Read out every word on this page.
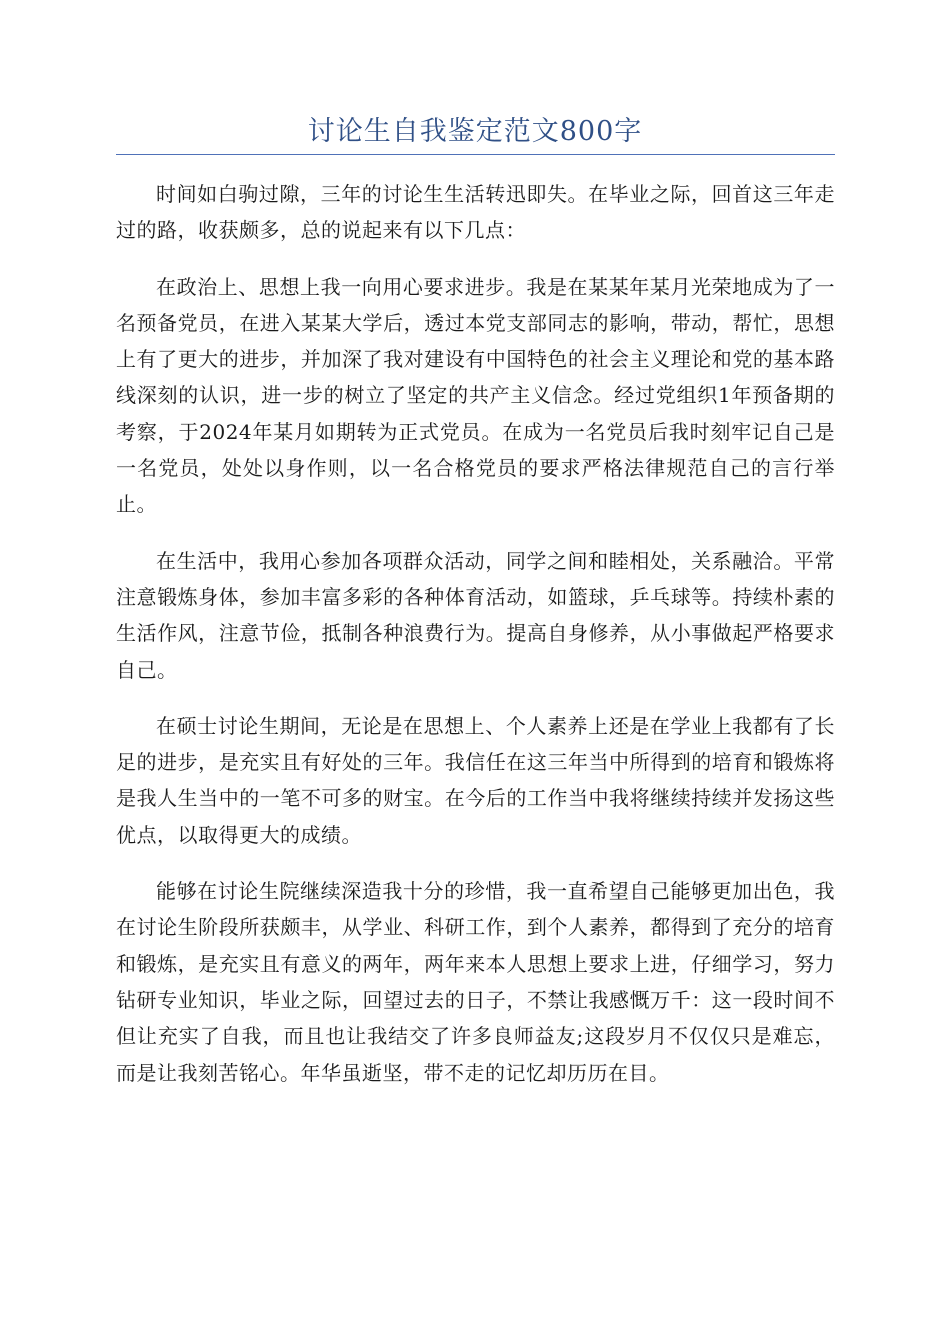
讨论生自我鉴定范文800字

时间如白驹过隙，三年的讨论生生活转迅即失。在毕业之际，回首这三年走过的路，收获颇多，总的说起来有以下几点：

在政治上、思想上我一向用心要求进步。我是在某某年某月光荣地成为了一名预备党员，在进入某某大学后，透过本党支部同志的影响，带动，帮忙，思想上有了更大的进步，并加深了我对建设有中国特色的社会主义理论和党的基本路线深刻的认识，进一步的树立了坚定的共产主义信念。经过党组织1年预备期的考察，于2024年某月如期转为正式党员。在成为一名党员后我时刻牢记自己是一名党员，处处以身作则，以一名合格党员的要求严格法律规范自己的言行举止。

在生活中，我用心参加各项群众活动，同学之间和睦相处，关系融洽。平常注意锻炼身体，参加丰富多彩的各种体育活动，如篮球，乒乓球等。持续朴素的生活作风，注意节俭，抵制各种浪费行为。提高自身修养，从小事做起严格要求自己。

在硕士讨论生期间，无论是在思想上、个人素养上还是在学业上我都有了长足的进步，是充实且有好处的三年。我信任在这三年当中所得到的培育和锻炼将是我人生当中的一笔不可多的财宝。在今后的工作当中我将继续持续并发扬这些优点，以取得更大的成绩。

能够在讨论生院继续深造我十分的珍惜，我一直希望自己能够更加出色，我在讨论生阶段所获颇丰，从学业、科研工作，到个人素养，都得到了充分的培育和锻炼，是充实且有意义的两年，两年来本人思想上要求上进，仔细学习，努力钻研专业知识，毕业之际，回望过去的日子，不禁让我感慨万千：这一段时间不但让充实了自我，而且也让我结交了许多良师益友;这段岁月不仅仅只是难忘，而是让我刻苦铭心。年华虽逝坚，带不走的记忆却历历在目。
